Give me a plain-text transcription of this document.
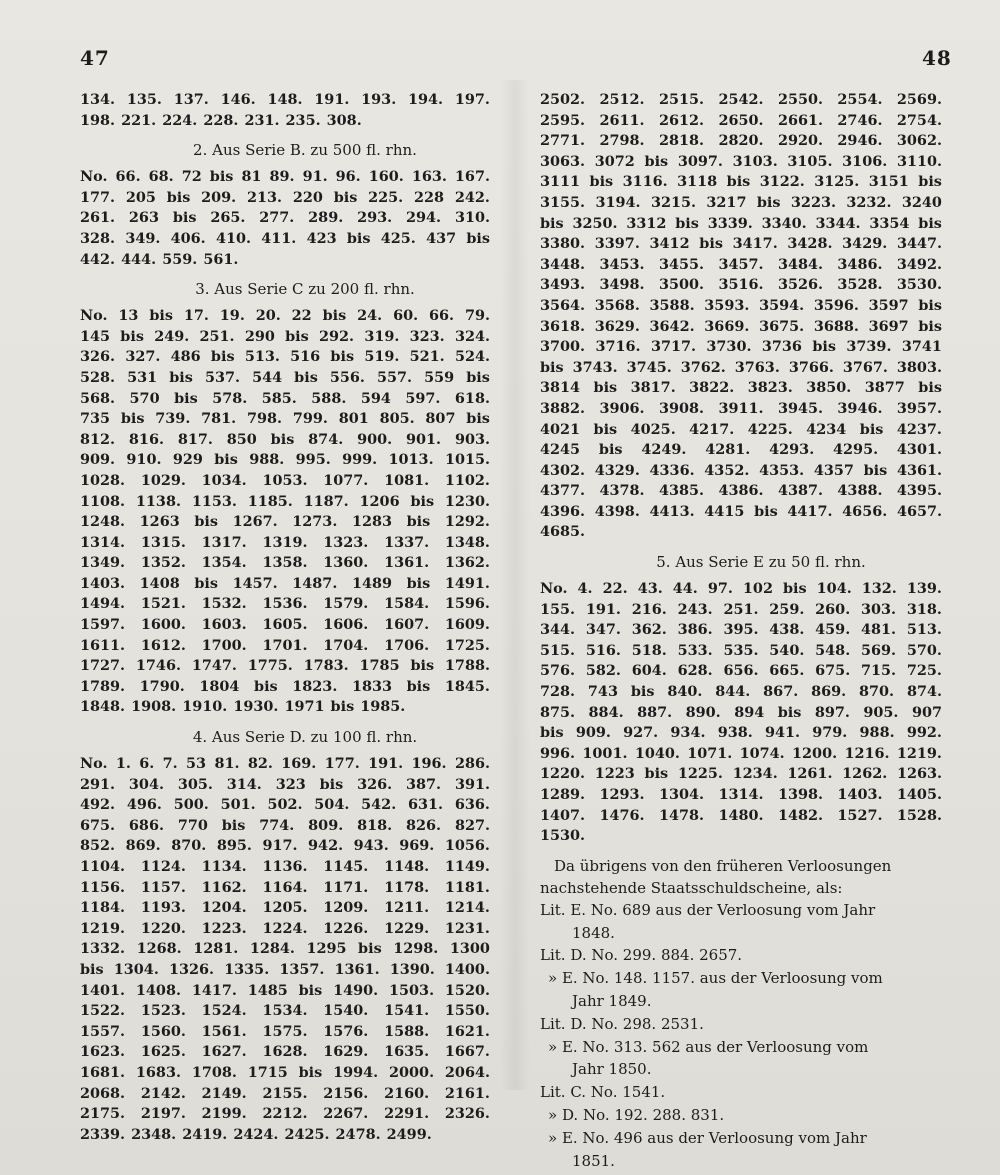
47	48
134. 135. 137. 146. 148. 191. 193. 194. 197.
198. 221. 224. 228. 231. 235. 308.
2. Aus Serie B. zu 500 fl. rhn.
No. 66. 68. 72 bis 81 89. 91. 96. 160. 163. 167.
177. 205 bis 209. 213. 220 bis 225. 228 242.
261. 263 bis 265. 277. 289. 293. 294. 310.
328. 349. 406. 410. 411. 423 bis 425. 437 bis
442. 444. 559. 561.
3. Aus Serie C zu 200 fl. rhn.
No. 13 bis 17. 19. 20. 22 bis 24. 60. 66. 79.
145 bis 249. 251. 290 bis 292. 319. 323. 324.
326. 327. 486 bis 513. 516 bis 519. 521. 524.
528. 531 bis 537. 544 bis 556. 557. 559 bis
568. 570 bis 578. 585. 588. 594 597. 618.
735 bis 739. 781. 798. 799. 801 805. 807 bis
812. 816. 817. 850 bis 874. 900. 901. 903.
909. 910. 929 bis 988. 995. 999. 1013. 1015.
1028. 1029. 1034. 1053. 1077. 1081. 1102.
1108. 1138. 1153. 1185. 1187. 1206 bis 1230.
1248. 1263 bis 1267. 1273. 1283 bis 1292.
1314. 1315. 1317. 1319. 1323. 1337. 1348.
1349. 1352. 1354. 1358. 1360. 1361. 1362.
1403. 1408 bis 1457. 1487. 1489 bis 1491.
1494. 1521. 1532. 1536. 1579. 1584. 1596.
1597. 1600. 1603. 1605. 1606. 1607. 1609.
1611. 1612. 1700. 1701. 1704. 1706. 1725.
1727. 1746. 1747. 1775. 1783. 1785 bis 1788.
1789. 1790. 1804 bis 1823. 1833 bis 1845.
1848. 1908. 1910. 1930. 1971 bis 1985.
4. Aus Serie D. zu 100 fl. rhn.
No. 1. 6. 7. 53 81. 82. 169. 177. 191. 196. 286.
291. 304. 305. 314. 323 bis 326. 387. 391.
492. 496. 500. 501. 502. 504. 542. 631. 636.
675. 686. 770 bis 774. 809. 818. 826. 827.
852. 869. 870. 895. 917. 942. 943. 969. 1056.
1104. 1124. 1134. 1136. 1145. 1148. 1149.
1156. 1157. 1162. 1164. 1171. 1178. 1181.
1184. 1193. 1204. 1205. 1209. 1211. 1214.
1219. 1220. 1223. 1224. 1226. 1229. 1231.
1332. 1268. 1281. 1284. 1295 bis 1298. 1300
bis 1304. 1326. 1335. 1357. 1361. 1390. 1400.
1401. 1408. 1417. 1485 bis 1490. 1503. 1520.
1522. 1523. 1524. 1534. 1540. 1541. 1550.
1557. 1560. 1561. 1575. 1576. 1588. 1621.
1623. 1625. 1627. 1628. 1629. 1635. 1667.
1681. 1683. 1708. 1715 bis 1994. 2000. 2064.
2068. 2142. 2149. 2155. 2156. 2160. 2161.
2175. 2197. 2199. 2212. 2267. 2291. 2326.
2339. 2348. 2419. 2424. 2425. 2478. 2499.
2502. 2512. 2515. 2542. 2550. 2554. 2569.
2595. 2611. 2612. 2650. 2661. 2746. 2754.
2771. 2798. 2818. 2820. 2920. 2946. 3062.
3063. 3072 bis 3097. 3103. 3105. 3106. 3110.
3111 bis 3116. 3118 bis 3122. 3125. 3151 bis
3155. 3194. 3215. 3217 bis 3223. 3232. 3240
bis 3250. 3312 bis 3339. 3340. 3344. 3354 bis
3380. 3397. 3412 bis 3417. 3428. 3429. 3447.
3448. 3453. 3455. 3457. 3484. 3486. 3492.
3493. 3498. 3500. 3516. 3526. 3528. 3530.
3564. 3568. 3588. 3593. 3594. 3596. 3597 bis
3618. 3629. 3642. 3669. 3675. 3688. 3697 bis
3700. 3716. 3717. 3730. 3736 bis 3739. 3741
bis 3743. 3745. 3762. 3763. 3766. 3767. 3803.
3814 bis 3817. 3822. 3823. 3850. 3877 bis
3882. 3906. 3908. 3911. 3945. 3946. 3957.
4021 bis 4025. 4217. 4225. 4234 bis 4237.
4245 bis 4249. 4281. 4293. 4295. 4301.
4302. 4329. 4336. 4352. 4353. 4357 bis 4361.
4377. 4378. 4385. 4386. 4387. 4388. 4395.
4396. 4398. 4413. 4415 bis 4417. 4656. 4657.
4685.
5. Aus Serie E zu 50 fl. rhn.
No. 4. 22. 43. 44. 97. 102 bis 104. 132. 139.
155. 191. 216. 243. 251. 259. 260. 303. 318.
344. 347. 362. 386. 395. 438. 459. 481. 513.
515. 516. 518. 533. 535. 540. 548. 569. 570.
576. 582. 604. 628. 656. 665. 675. 715. 725.
728. 743 bis 840. 844. 867. 869. 870. 874.
875. 884. 887. 890. 894 bis 897. 905. 907
bis 909. 927. 934. 938. 941. 979. 988. 992.
996. 1001. 1040. 1071. 1074. 1200. 1216. 1219.
1220. 1223 bis 1225. 1234. 1261. 1262. 1263.
1289. 1293. 1304. 1314. 1398. 1403. 1405.
1407. 1476. 1478. 1480. 1482. 1527. 1528.
1530.

Da übrigens von den früheren Verloosungen

nachstehende Staatsschuldscheine, als:

Lit. E. No. 689 aus der Verloosung vom Jahr

1848.

Lit. D. No. 299. 884. 2657.

» E. No. 148. 1157. aus der Verloosung vom

Jahr 1849.

Lit. D. No. 298. 2531.

» E. No. 313. 562 aus der Verloosung vom

Jahr 1850.

Lit. C. No. 1541.

» D. No. 192. 288. 831.

» E. No. 496 aus der Verloosung vom Jahr

1851.
